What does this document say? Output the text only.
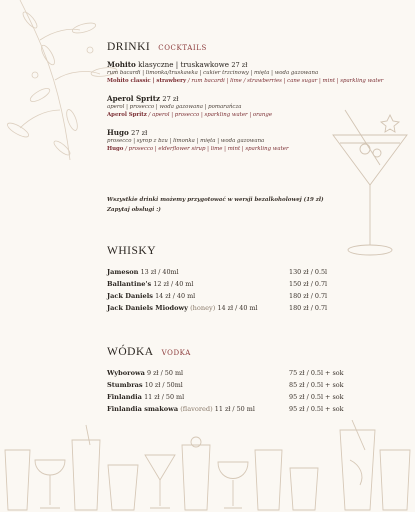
DRINKI COCKTAILS
Mohito klasyczne | truskawkowe 27 zł
rum bacardi | limonka/truskawka | cukier trzcinowy | mięta | woda gazowana
Mohito classic | strawbery / rum bacardi | lime / strawberries | cane sugar | mint | sparkling water
Aperol Spritz 27 zł
aperol | prosecco | woda gazowana | pomarańcza
Aperol Spritz / aperol | prosecco | sparkling water | orange
Hugo 27 zł
prosecco | syrop z bzu | limonka | mięta | woda gazowana
Hugo / prosecco | elderflower sirup | lime | mint | sparkling water
Wszystkie drinki możemy przygotować w wersji bezalkoholowej (19 zł)
Zapytaj obsługi :)
WHISKY
Jameson 13 zł / 40ml	130 zł / 0.5l
Ballantine's 12 zł / 40 ml	150 zł / 0.7l
Jack Daniels 14 zł / 40 ml	180 zł / 0.7l
Jack Daniels Miodowy (honey) 14 zł / 40 ml	180 zł / 0.7l
WÓDKA VODKA
Wyborowa 9 zł / 50 ml	75 zł / 0.5l + sok
Stumbras 10 zł / 50ml	85 zł / 0.5l + sok
Finlandia 11 zł / 50 ml	95 zł / 0.5l + sok
Finlandia smakowa (flavored) 11 zł / 50 ml	95 zł / 0.5l + sok
